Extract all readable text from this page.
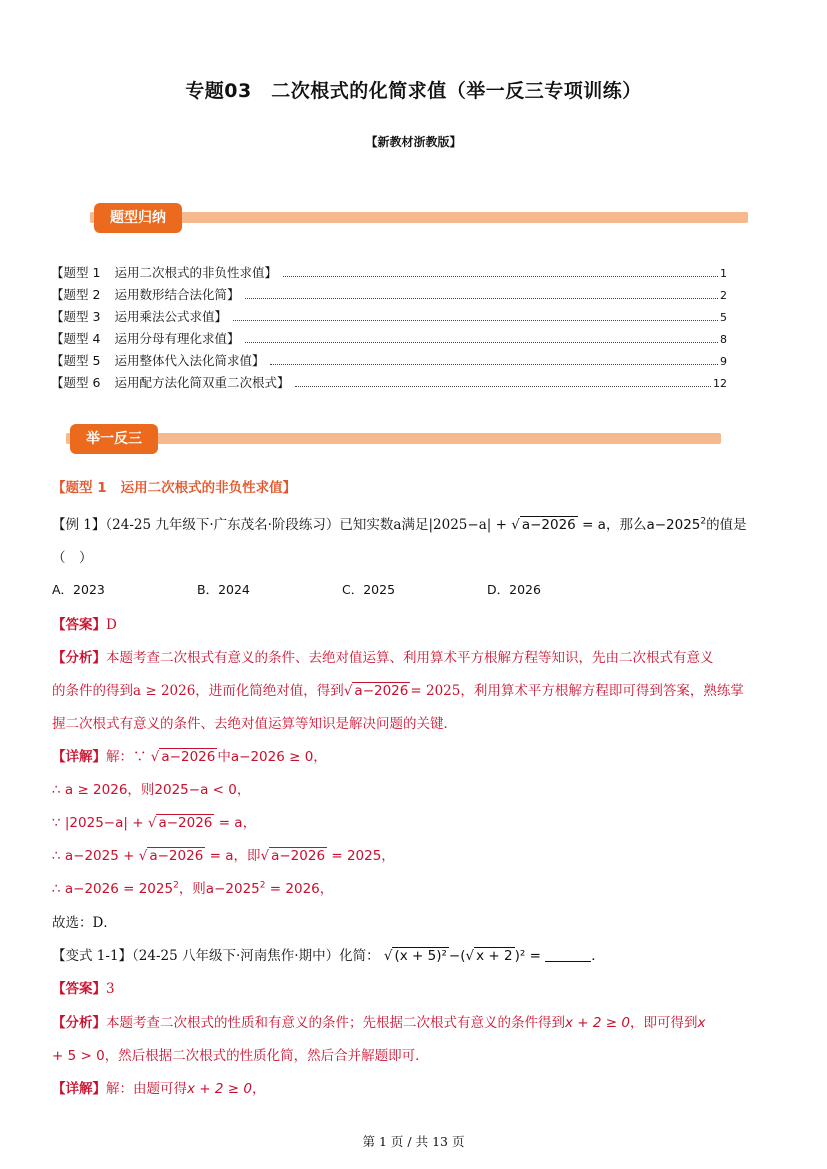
专题03　二次根式的化简求值（举一反三专项训练）
【新教材浙教版】
题型归纳
【题型 1 运用二次根式的非负性求值】	1
【题型 2 运用数形结合法化简】	2
【题型 3 运用乘法公式求值】	5
【题型 4 运用分母有理化求值】	8
【题型 5 运用整体代入法化简求值】	9
【题型 6 运用配方法化简双重二次根式】	12
举一反三
【题型 1 运用二次根式的非负性求值】
【例 1】（24-25 九年级下·广东茂名·阶段练习）已知实数a满足|2025−a| + √ a−2026 = a，那么$a-2025^2$的值是
（　）
A．2023	B．2024	C．2025	D．2026
【答案】D
【分析】本题考查二次根式有意义的条件、去绝对值运算、利用算术平方根解方程等知识，先由二次根式有意义
的条件的得到a ≥ 2026，进而化简绝对值，得到√ a−2026 = 2025，利用算术平方根解方程即可得到答案，熟练掌
握二次根式有意义的条件、去绝对值运算等知识是解决问题的关键．
【详解】解：∵ √ a−2026 中a−2026 ≥ 0，
∴ a ≥ 2026，则2025−a < 0，
∵ |2025−a| + √ a−2026 = a，
∴ a−2025 + √ a−2026 = a，即√ a−2026 = 2025，
∴ $a-2026 = 2025^2$，则$a-2025^2 = 2026$，
故选：D．
【变式 1-1】（24-25 八年级下·河南焦作·期中）化简： √ (x + 5)² −(√ x + 2 )² =	．
【答案】3
【分析】本题考查二次根式的性质和有意义的条件；先根据二次根式有意义的条件得到x + 2 ≥ 0，即可得到x
+ 5 > 0，然后根据二次根式的性质化简，然后合并解题即可．
【详解】解：由题可得x + 2 ≥ 0，
第 1 页 / 共 13 页
